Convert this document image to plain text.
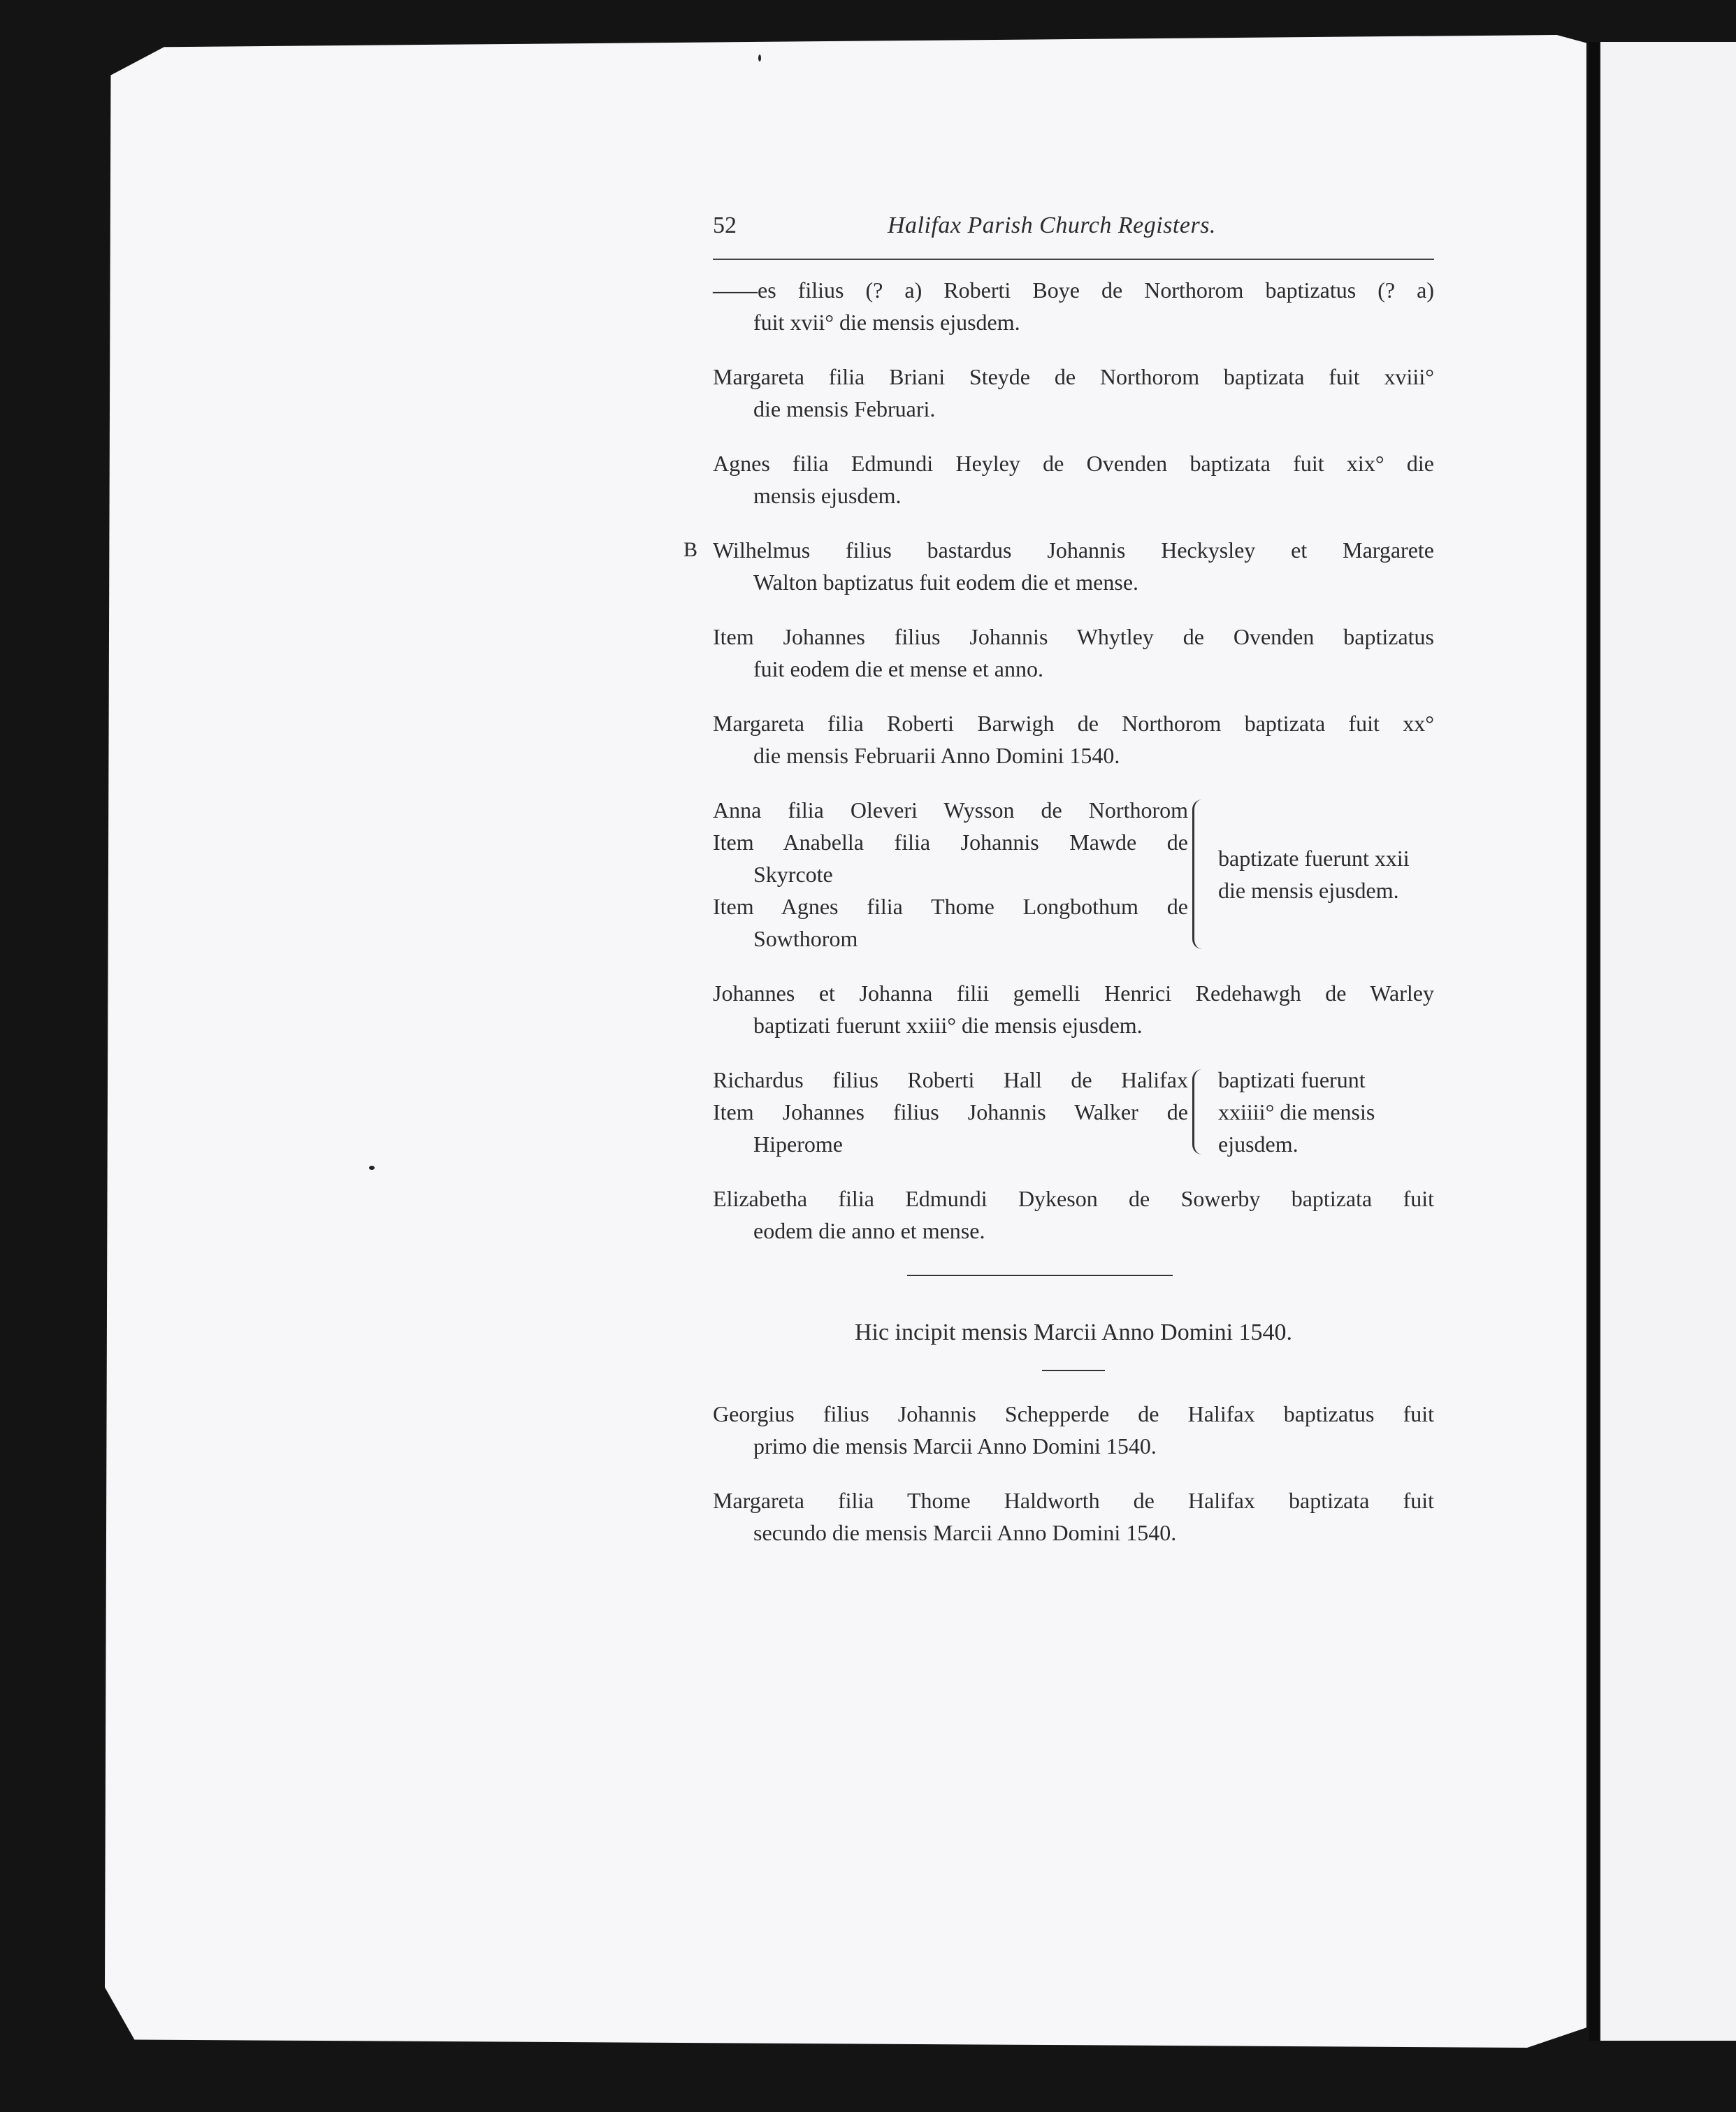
52	Halifax Parish Church Registers.
——es filius (? a) Roberti Boye de Northorom baptizatus (? a)
fuit xvii° die mensis ejusdem.
Margareta filia Briani Steyde de Northorom baptizata fuit xviii°
die mensis Februari.
Agnes filia Edmundi Heyley de Ovenden baptizata fuit xix° die
mensis ejusdem.
B Wilhelmus filius bastardus Johannis Heckysley et Margarete
Walton baptizatus fuit eodem die et mense.
Item Johannes filius Johannis Whytley de Ovenden baptizatus
fuit eodem die et mense et anno.
Margareta filia Roberti Barwigh de Northorom baptizata fuit xx°
die mensis Februarii Anno Domini 1540.
Anna filia Oleveri Wysson de Northorom
Item Anabella filia Johannis Mawde de
Skyrcote
Item Agnes filia Thome Longbothum de
Sowthorom
baptizate fuerunt xxii
die mensis ejusdem.
Johannes et Johanna filii gemelli Henrici Redehawgh de Warley
baptizati fuerunt xxiii° die mensis ejusdem.
Richardus filius Roberti Hall de Halifax
Item Johannes filius Johannis Walker de
Hiperome
baptizati fuerunt
xxiiii° die mensis
ejusdem.
Elizabetha filia Edmundi Dykeson de Sowerby baptizata fuit
eodem die anno et mense.
Hic incipit mensis Marcii Anno Domini 1540.
Georgius filius Johannis Schepperde de Halifax baptizatus fuit
primo die mensis Marcii Anno Domini 1540.
Margareta filia Thome Haldworth de Halifax baptizata fuit
secundo die mensis Marcii Anno Domini 1540.
